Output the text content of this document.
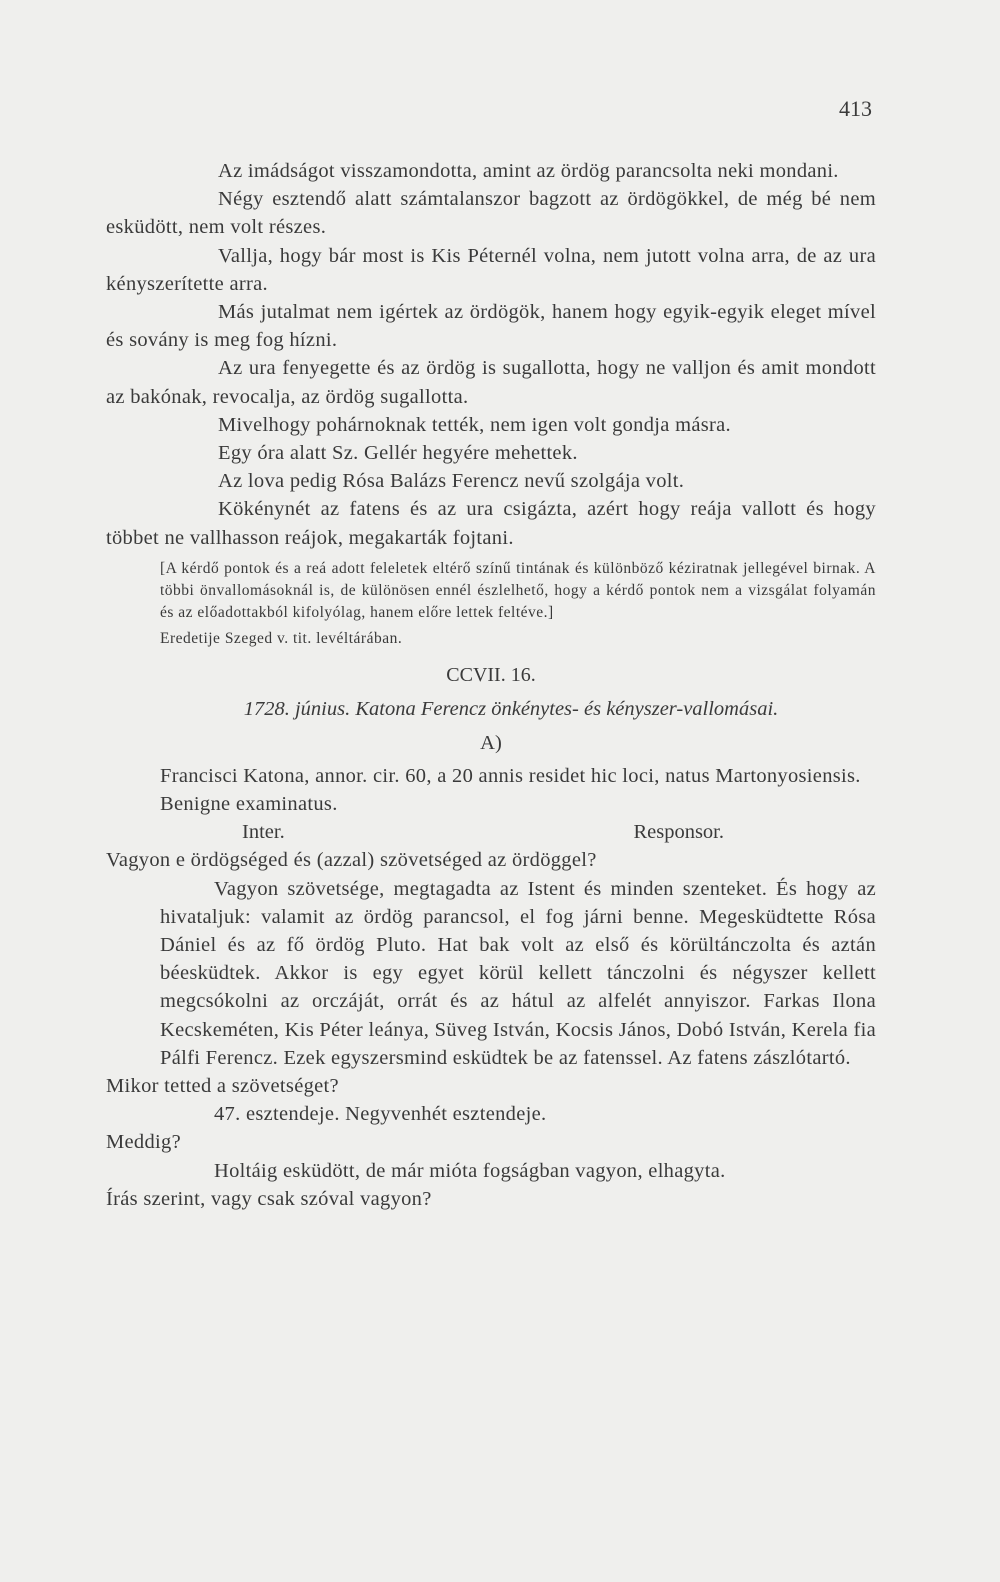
413
Az imádságot visszamondotta, amint az ördög parancsolta neki mondani.
Négy esztendő alatt számtalanszor bagzott az ördögökkel, de még bé nem esküdött, nem volt részes.
Vallja, hogy bár most is Kis Péternél volna, nem jutott volna arra, de az ura kényszerítette arra.
Más jutalmat nem igértek az ördögök, hanem hogy egyik-egyik eleget mível és sovány is meg fog hízni.
Az ura fenyegette és az ördög is sugallotta, hogy ne valljon és amit mondott az bakónak, revocalja, az ördög sugallotta.
Mivelhogy pohárnoknak tették, nem igen volt gondja másra.
Egy óra alatt Sz. Gellér hegyére mehettek.
Az lova pedig Rósa Balázs Ferencz nevű szolgája volt.
Kökénynét az fatens és az ura csigázta, azért hogy reája vallott és hogy többet ne vallhasson reájok, megakarták fojtani.
[A kérdő pontok és a reá adott feleletek eltérő színű tintának és különböző kéziratnak jellegével birnak. A többi önvallomásoknál is, de különösen ennél észlelhető, hogy a kérdő pontok nem a vizsgálat folyamán és az előadottakból kifolyólag, hanem előre lettek feltéve.]
Eredetije Szeged v. tit. levéltárában.
CCVII. 16.
1728. június. Katona Ferencz önkénytes- és kényszer-vallomásai.
A)
Francisci Katona, annor. cir. 60, a 20 annis residet hic loci, natus Martonyosiensis.
Benigne examinatus.
Inter.	Responsor.
Vagyon e ördögséged és (azzal) szövetséged az ördöggel?
Vagyon szövetsége, megtagadta az Istent és minden szenteket. És hogy az hivataljuk: valamit az ördög parancsol, el fog járni benne. Megesküdtette Rósa Dániel és az fő ördög Pluto. Hat bak volt az első és körültánczolta és aztán béesküdtek. Akkor is egy egyet körül kellett tánczolni és négyszer kellett megcsókolni az orczáját, orrát és az hátul az alfelét annyiszor. Farkas Ilona Kecskeméten, Kis Péter leánya, Süveg István, Kocsis János, Dobó István, Kerela fia Pálfi Ferencz. Ezek egyszersmind esküdtek be az fatenssel. Az fatens zászlótartó.
Mikor tetted a szövetséget?
47. esztendeje. Negyvenhét esztendeje.
Meddig?
Holtáig esküdött, de már mióta fogságban vagyon, elhagyta.
Írás szerint, vagy csak szóval vagyon?
